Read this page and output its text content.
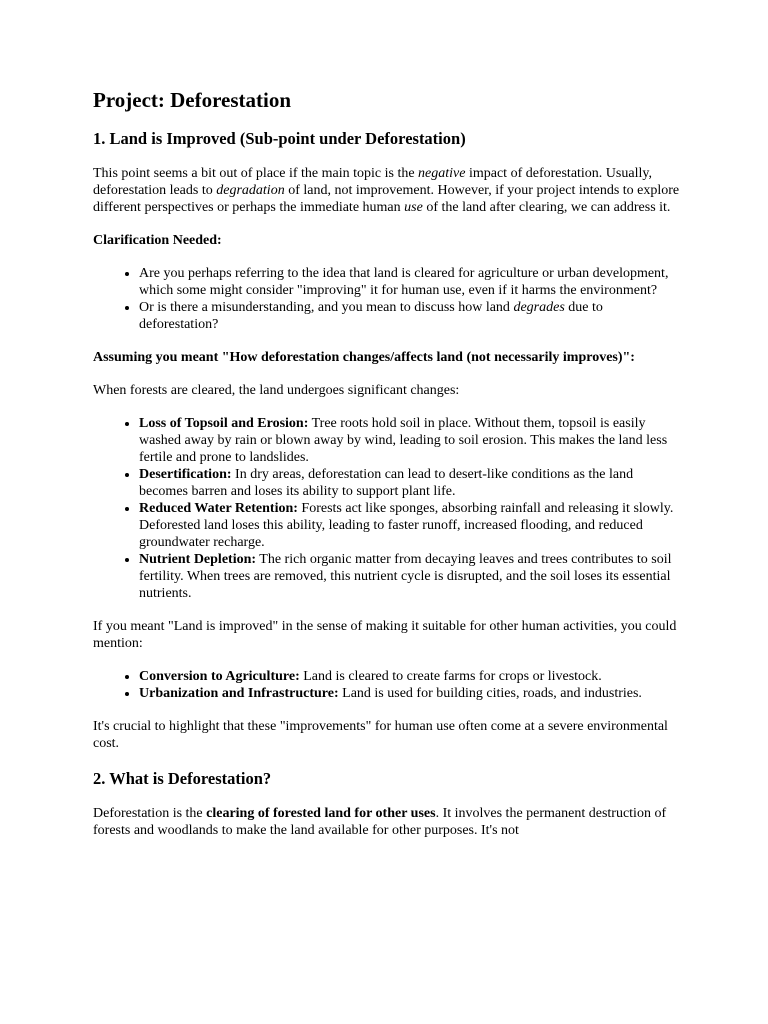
Project: Deforestation
1. Land is Improved (Sub-point under Deforestation)

This point seems a bit out of place if the main topic is the negative impact of deforestation. Usually, deforestation leads to degradation of land, not improvement. However, if your project intends to explore different perspectives or perhaps the immediate human use of the land after clearing, we can address it.

Clarification Needed:

• Are you perhaps referring to the idea that land is cleared for agriculture or urban development, which some might consider "improving" it for human use, even if it harms the environment?
• Or is there a misunderstanding, and you mean to discuss how land degrades due to deforestation?

Assuming you meant "How deforestation changes/affects land (not necessarily improves)":

When forests are cleared, the land undergoes significant changes:

• Loss of Topsoil and Erosion: Tree roots hold soil in place. Without them, topsoil is easily washed away by rain or blown away by wind, leading to soil erosion. This makes the land less fertile and prone to landslides.
• Desertification: In dry areas, deforestation can lead to desert-like conditions as the land becomes barren and loses its ability to support plant life.
• Reduced Water Retention: Forests act like sponges, absorbing rainfall and releasing it slowly. Deforested land loses this ability, leading to faster runoff, increased flooding, and reduced groundwater recharge.
• Nutrient Depletion: The rich organic matter from decaying leaves and trees contributes to soil fertility. When trees are removed, this nutrient cycle is disrupted, and the soil loses its essential nutrients.

If you meant "Land is improved" in the sense of making it suitable for other human activities, you could mention:

• Conversion to Agriculture: Land is cleared to create farms for crops or livestock.
• Urbanization and Infrastructure: Land is used for building cities, roads, and industries.

It's crucial to highlight that these "improvements" for human use often come at a severe environmental cost.

2. What is Deforestation?

Deforestation is the clearing of forested land for other uses. It involves the permanent destruction of forests and woodlands to make the land available for other purposes. It's not
